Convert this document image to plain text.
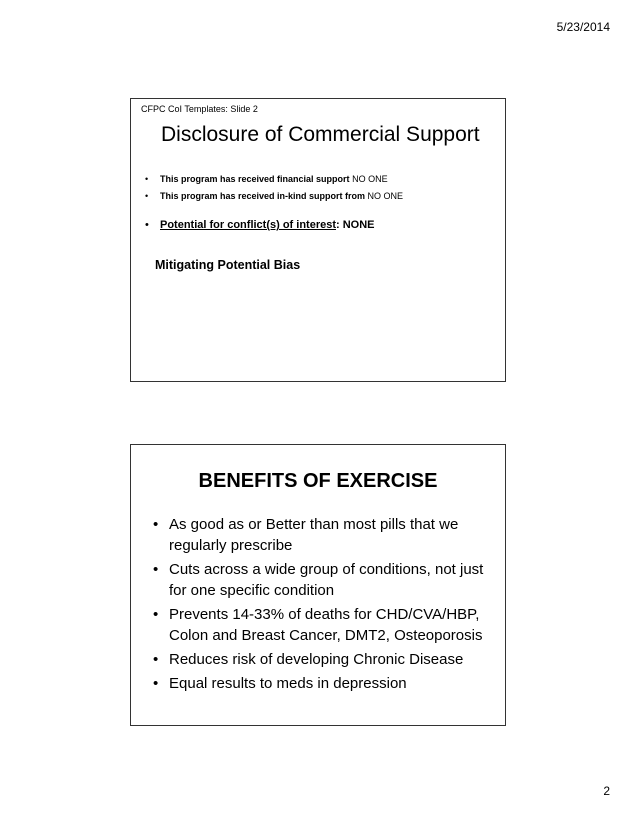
5/23/2014
CFPC CoI Templates: Slide 2
Disclosure of Commercial Support
•	This program has received financial support NO ONE
•	This program has received in-kind support from NO ONE
•	Potential for conflict(s) of interest: NONE
Mitigating Potential Bias
BENEFITS OF EXERCISE
• As good as or Better than most pills that we regularly prescribe
• Cuts across a wide group of conditions, not just for one specific condition
• Prevents 14-33% of deaths for CHD/CVA/HBP, Colon and Breast Cancer, DMT2, Osteoporosis
• Reduces risk of developing Chronic Disease
• Equal results to meds in depression
2
